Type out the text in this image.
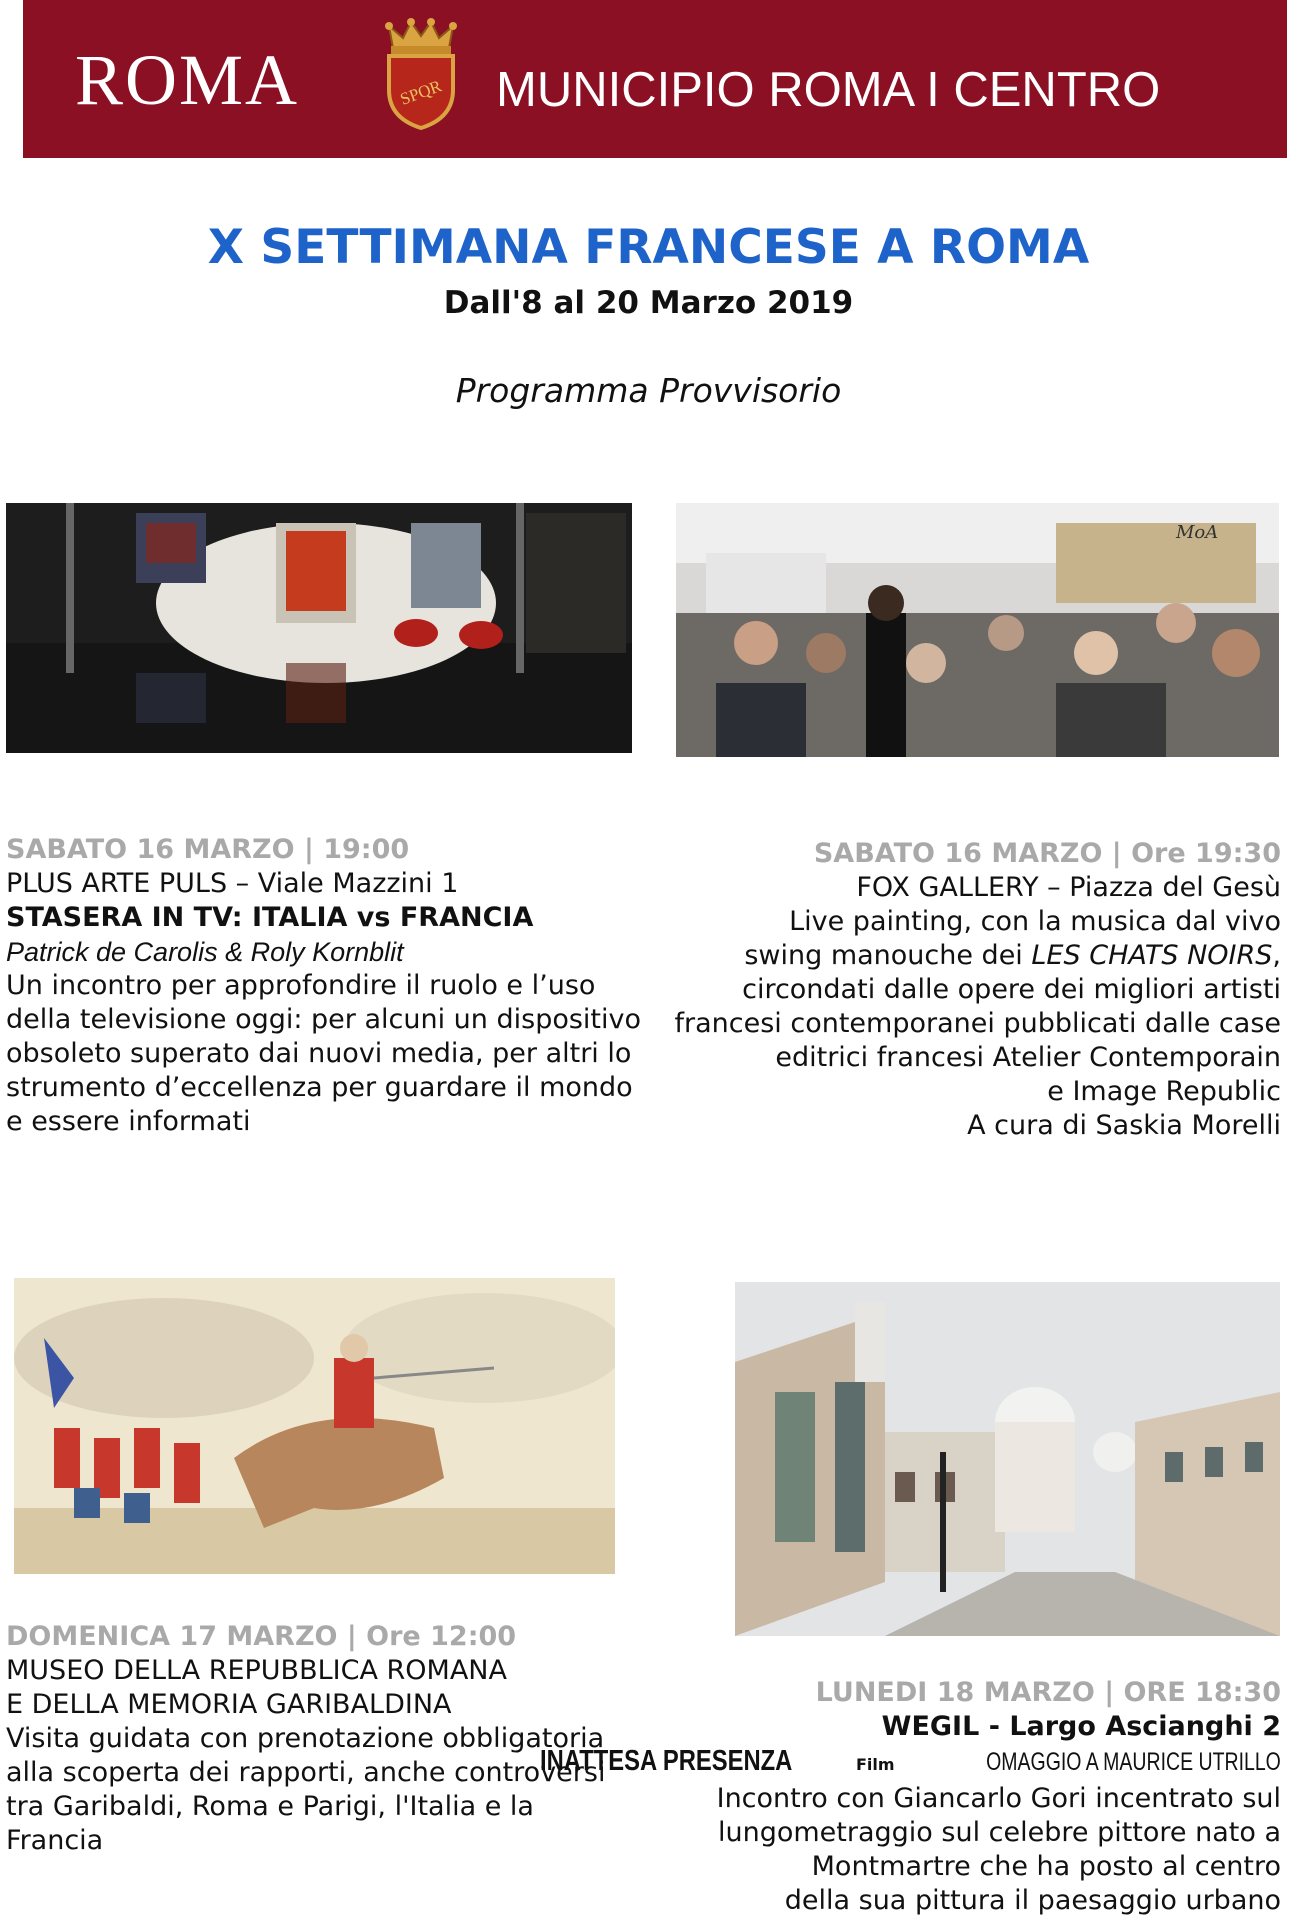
ROMA	SPQR MUNICIPIO ROMA I CENTRO
X SETTIMANA FRANCESE A ROMA
Dall'8 al 20 Marzo 2019
Programma Provvisorio
MoA
SABATO 16 MARZO | 19:00
PLUS ARTE PULS – Viale Mazzini 1
STASERA IN TV: ITALIA vs FRANCIA
Patrick de Carolis & Roly Kornblit
Un incontro per approfondire il ruolo e l’uso
della televisione oggi: per alcuni un dispositivo
obsoleto superato dai nuovi media, per altri lo
strumento d’eccellenza per guardare il mondo
e essere informati
SABATO 16 MARZO | Ore 19:30
FOX GALLERY – Piazza del Gesù
Live painting, con la musica dal vivo
swing manouche dei LES CHATS NOIRS,
circondati dalle opere dei migliori artisti
francesi contemporanei pubblicati dalle case
editrici francesi Atelier Contemporain
e Image Republic
A cura di Saskia Morelli
DOMENICA 17 MARZO | Ore 12:00
MUSEO DELLA REPUBBLICA ROMANA
E DELLA MEMORIA GARIBALDINA
Visita guidata con prenotazione obbligatoria
alla scoperta dei rapporti, anche controversi
tra Garibaldi, Roma e Parigi, l'Italia e la
Francia
LUNEDI 18 MARZO | ORE 18:30
WEGIL - Largo Ascianghi 2
INATTESA PRESENZA	Film	OMAGGIO A MAURICE UTRILLO
Incontro con Giancarlo Gori incentrato sul
lungometraggio sul celebre pittore nato a
Montmartre che ha posto al centro
della sua pittura il paesaggio urbano
